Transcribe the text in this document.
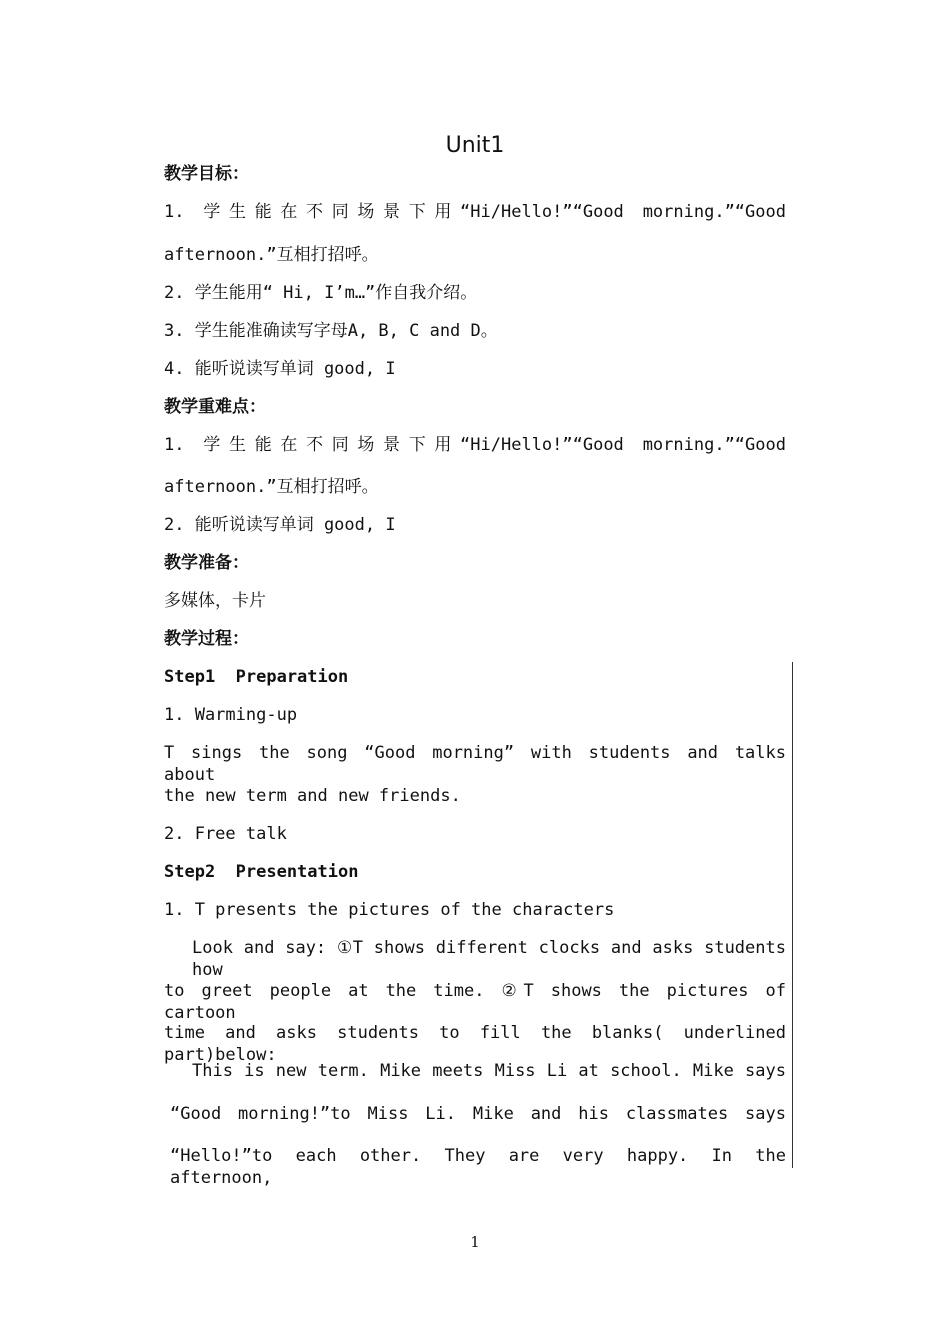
Unit1

教学目标：

1. 学生能在不同场景下用“Hi/Hello!”“Good morning.”“Good

afternoon.”互相打招呼。

2. 学生能用“ Hi, I’m…”作自我介绍。

3. 学生能准确读写字母A, B, C and D。

4. 能听说读写单词 good, I

教学重难点：

1. 学生能在不同场景下用“Hi/Hello!”“Good morning.”“Good

afternoon.”互相打招呼。

2. 能听说读写单词 good, I

教学准备：

多媒体，卡片

教学过程：

Step1  Preparation

1. Warming-up

T sings the song “Good morning” with students and talks about

the new term and new friends.

2. Free talk

Step2  Presentation

1. T presents the pictures of the characters

Look and say: ①T shows different clocks and asks students how

to greet people at the time. ②T shows the pictures of cartoon

time and asks students to fill the blanks( underlined part)below:

This is new term. Mike meets Miss Li at school. Mike says

“Good morning!”to Miss Li. Mike and his classmates says

“Hello!”to each other. They are very happy. In the afternoon,

1
